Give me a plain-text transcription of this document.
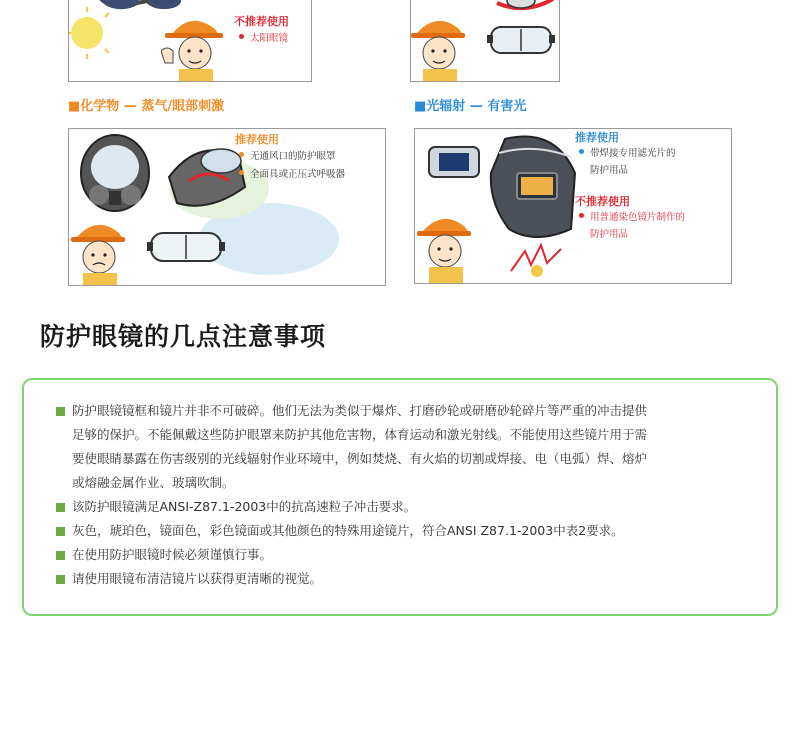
不推荐使用
太阳眼镜
■化学物 — 蒸气/眼部刺激
推荐使用
无通风口的防护眼罩
全面具或正压式呼吸器
■光辐射 — 有害光
推荐使用
带焊接专用滤光片的
防护用品
不推荐使用
用普通染色镜片制作的
防护用品
防护眼镜的几点注意事项
防护眼镜镜框和镜片并非不可破碎。他们无法为类似于爆炸、打磨砂轮或研磨砂轮碎片等严重的冲击提供
足够的保护。不能佩戴这些防护眼罩来防护其他危害物，体育运动和激光射线。不能使用这些镜片用于需
要使眼睛暴露在伤害级别的光线辐射作业环境中，例如焚烧、有火焰的切割或焊接、电（电弧）焊、熔炉
或熔融金属作业、玻璃吹制。
该防护眼镜满足ANSI-Z87.1-2003中的抗高速粒子冲击要求。
灰色，琥珀色，镜面色，彩色镜面或其他颜色的特殊用途镜片，符合ANSI Z87.1-2003中表2要求。
在使用防护眼镜时候必须谨慎行事。
请使用眼镜布清洁镜片以获得更清晰的视觉。
